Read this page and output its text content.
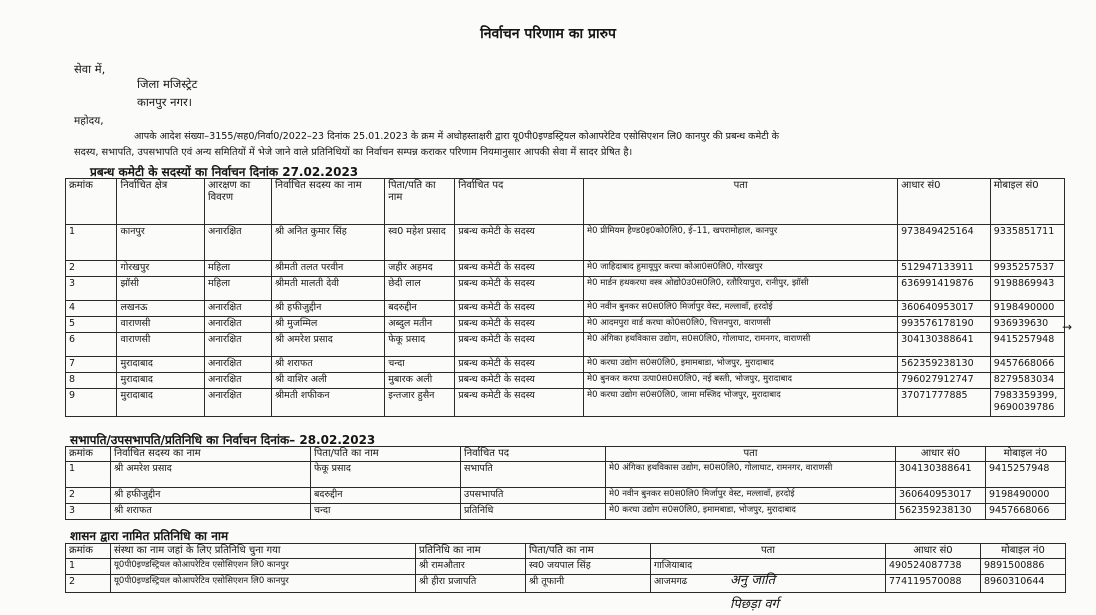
निर्वाचन परिणाम का प्रारुप
सेवा में,
जिला मजिस्ट्रेट
कानपुर नगर।
महोदय,
आपके आदेश संख्या–3155/सह0/निर्वा0/2022–23 दिनांक 25.01.2023 के क्रम में अधोहस्ताक्षरी द्वारा यू0पी0इण्डस्ट्रियल कोआपरेटिव एसोसिएशन लि0 कानपुर की प्रबन्ध कमेटी के
सदस्य, सभापति, उपसभापति एवं अन्य समितियों में भेजे जाने वाले प्रतिनिधियों का निर्वाचन सम्पन्न कराकर परिणाम नियमानुसार आपकी सेवा में सादर प्रेषित है।
प्रबन्ध कमेटी के सदस्यों का निर्वाचन दिनांक 27.02.2023
क्रमांक	निर्वाचित क्षेत्र	आरक्षण का विवरण	निर्वाचित सदस्य का नाम	पिता/पति का नाम	निर्वाचित पद	पता	आधार सं0	मोबाइल सं0
1	कानपुर	अनारक्षित	श्री अनित कुमार सिंह	स्व0 महेश प्रसाद	प्रबन्ध कमेटी के सदस्य	मे0 प्रीमियम हैण्ड0इ0को0लि0, ई–11, खपरामोहाल, कानपुर	973849425164	9335851711
2	गोरखपुर	महिला	श्रीमती तलत परवीन	जहीर अहमद	प्रबन्ध कमेटी के सदस्य	मे0 जाहिदाबाद हुमायूपुर करघा कोआ0स0लि0, गोरखपुर	512947133911	9935257537
3	झॉसी	महिला	श्रीमती मालती देवी	छेदी लाल	प्रबन्ध कमेटी के सदस्य	मे0 मार्डन हथकरघा वस्त्र ओद्यो0उ0स0लि0, रतौरियापुरा, रानीपुर, झॉसी	636991419876	9198869943
4	लखनऊ	अनारक्षित	श्री हफीजुद्दीन	बदरुद्दीन	प्रबन्ध कमेटी के सदस्य	मे0 नवीन बुनकर स0स0लि0 मिर्जापुर वेस्ट, मल्लावॉं, हरदोई	360640953017	9198490000
5	वाराणसी	अनारक्षित	श्री मुजम्मिल	अब्दुल मतीन	प्रबन्ध कमेटी के सदस्य	मे0 आदमपुरा वार्ड करघा को0स0लि0, चित्तनपुरा, वाराणसी	993576178190	936939630
6	वाराणसी	अनारक्षित	श्री अमरेश प्रसाद	फेकू प्रसाद	प्रबन्ध कमेटी के सदस्य	मे0 अंगिका हथविकास उद्योग, स0स0लि0, गोलाघाट, रामनगर, वाराणसी	304130388641	9415257948
7	मुरादाबाद	अनारक्षित	श्री शराफत	चन्दा	प्रबन्ध कमेटी के सदस्य	मे0 करघा उद्योग स0स0लि0, इमामबाडा, भोजपुर, मुरादाबाद	562359238130	9457668066
8	मुरादाबाद	अनारक्षित	श्री वाशिर अली	मुबारक अली	प्रबन्ध कमेटी के सदस्य	मे0 बुनकर करघा उत्पा0स0स0लि0, नई बस्ती, भोजपुर, मुरादाबाद	796027912747	8279583034
9	मुरादाबाद	अनारक्षित	श्रीमती शफीकन	इन्तजार हुसैन	प्रबन्ध कमेटी के सदस्य	मे0 करघा उद्योग स0स0लि0, जामा मस्जिद भोजपुर, मुरादाबाद	37071777885	7983359399, 9690039786
सभापति/उपसभापति/प्रतिनिधि का निर्वाचन दिनांक– 28.02.2023
क्रमांक	निर्वाचित सदस्य का नाम	पिता/पति का नाम	निर्वाचित पद	पता	आधार सं0	मोबाइल नं0
1	श्री अमरेश प्रसाद	फेकू प्रसाद	सभापति	मे0 अंगिका हथविकास उद्योग, स0स0लि0, गोलाघाट, रामनगर, वाराणसी	304130388641	9415257948
2	श्री हफीजुद्दीन	बदरुद्दीन	उपसभापति	मे0 नवीन बुनकर स0स0लि0 मिर्जापुर वेस्ट, मल्लावॉं, हरदोई	360640953017	9198490000
3	श्री शराफत	चन्दा	प्रतिनिधि	मे0 करघा उद्योग स0स0लि0, इमामबाडा, भोजपुर, मुरादाबाद	562359238130	9457668066
शासन द्वारा नामित प्रतिनिधि का नाम
क्रमांक	संस्था का नाम जहां के लिए प्रतिनिधि चुना गया	प्रतिनिधि का नाम	पिता/पति का नाम	पता	आधार सं0	मोबाइल नं0
1	यू0पी0इण्डस्ट्रियल कोआपरेटिव एसोसिएशन लि0 कानपुर	श्री रामऔतार	स्व0 जयपाल सिंह	गाजियाबाद	490524087738	9891500886
2	यू0पी0इण्डस्ट्रियल कोआपरेटिव एसोसिएशन लि0 कानपुर	श्री हीरा प्रजापति	श्री तूफानी	आजमगढ	774119570088	8960310644
अनु जाति
पिछड़ा वर्ग
→
